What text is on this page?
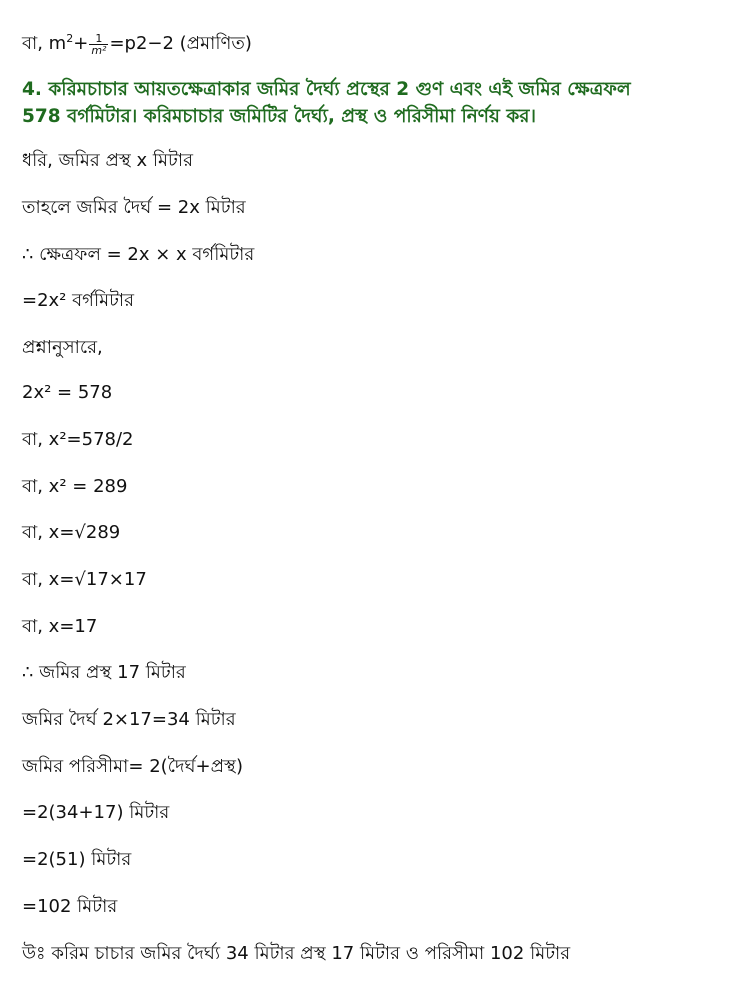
বা, $m^2+ \frac{1}{\text{m²}} =p2-2$ (প্রমাণিত)
4. করিমচাচার আয়তক্ষেত্রাকার জমির দৈর্ঘ্য প্রস্থের 2 গুণ এবং এই জমির ক্ষেত্রফল
578 বর্গমিটার। করিমচাচার জমিটির দৈর্ঘ্য, প্রস্থ ও পরিসীমা নির্ণয় কর।
ধরি, জমির প্রস্থ x মিটার
তাহলে জমির দৈর্ঘ = 2x মিটার
∴ ক্ষেত্রফল = 2x × x বর্গমিটার
=2x² বর্গমিটার
প্রশ্নানুসারে,
2x² = 578
বা, x²=578/2
বা, x² = 289
বা, x=√289
বা, x=√17×17
বা, x=17
∴ জমির প্রস্থ 17 মিটার
জমির দৈর্ঘ 2×17=34 মিটার
জমির পরিসীমা= 2(দৈর্ঘ+প্রস্থ)
=2(34+17) মিটার
=2(51) মিটার
=102 মিটার
উঃ করিম চাচার জমির দৈর্ঘ্য 34 মিটার প্রস্থ 17 মিটার ও পরিসীমা 102 মিটার
